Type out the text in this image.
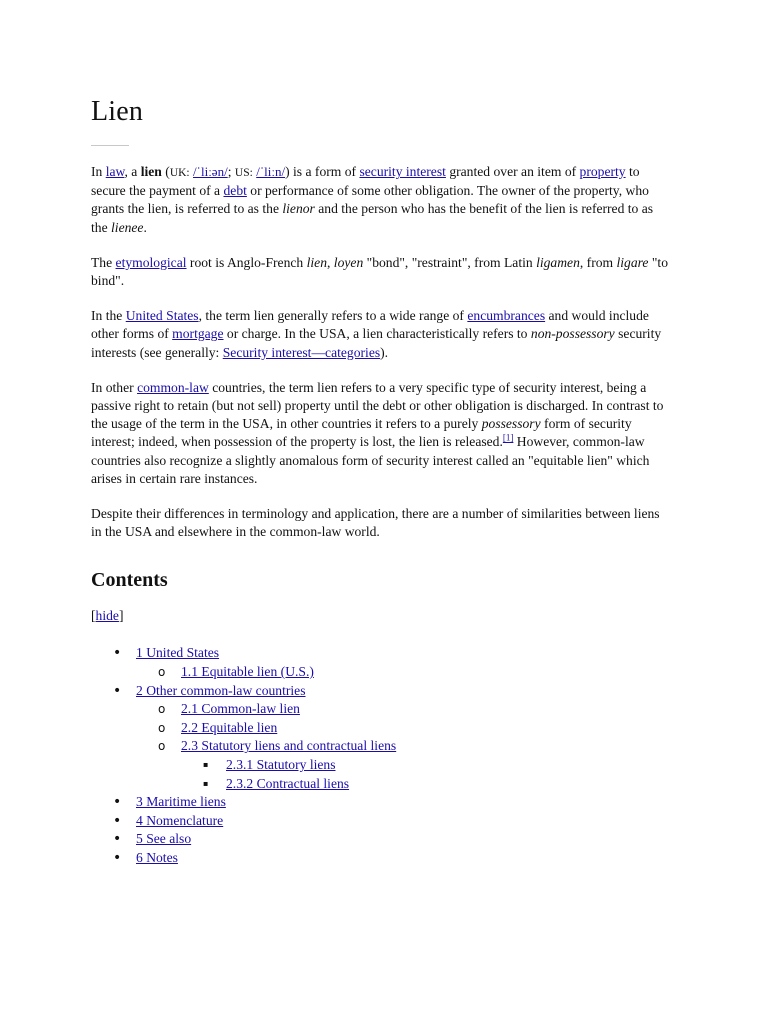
Lien

In law, a lien (UK: /ˈliːən/; US: /ˈliːn/) is a form of security interest granted over an item of property to secure the payment of a debt or performance of some other obligation. The owner of the property, who grants the lien, is referred to as the lienor and the person who has the benefit of the lien is referred to as the lienee.

The etymological root is Anglo-French lien, loyen "bond", "restraint", from Latin ligamen, from ligare "to bind".

In the United States, the term lien generally refers to a wide range of encumbrances and would include other forms of mortgage or charge. In the USA, a lien characteristically refers to non-possessory security interests (see generally: Security interest—categories).

In other common-law countries, the term lien refers to a very specific type of security interest, being a passive right to retain (but not sell) property until the debt or other obligation is discharged. In contrast to the usage of the term in the USA, in other countries it refers to a purely possessory form of security interest; indeed, when possession of the property is lost, the lien is released.[1] However, common-law countries also recognize a slightly anomalous form of security interest called an "equitable lien" which arises in certain rare instances.

Despite their differences in terminology and application, there are a number of similarities between liens in the USA and elsewhere in the common-law world.

Contents
[hide]
• 1 United States
o 1.1 Equitable lien (U.S.)
• 2 Other common-law countries
o 2.1 Common-law lien
o 2.2 Equitable lien
o 2.3 Statutory liens and contractual liens
▪ 2.3.1 Statutory liens
▪ 2.3.2 Contractual liens
• 3 Maritime liens
• 4 Nomenclature
• 5 See also
• 6 Notes
